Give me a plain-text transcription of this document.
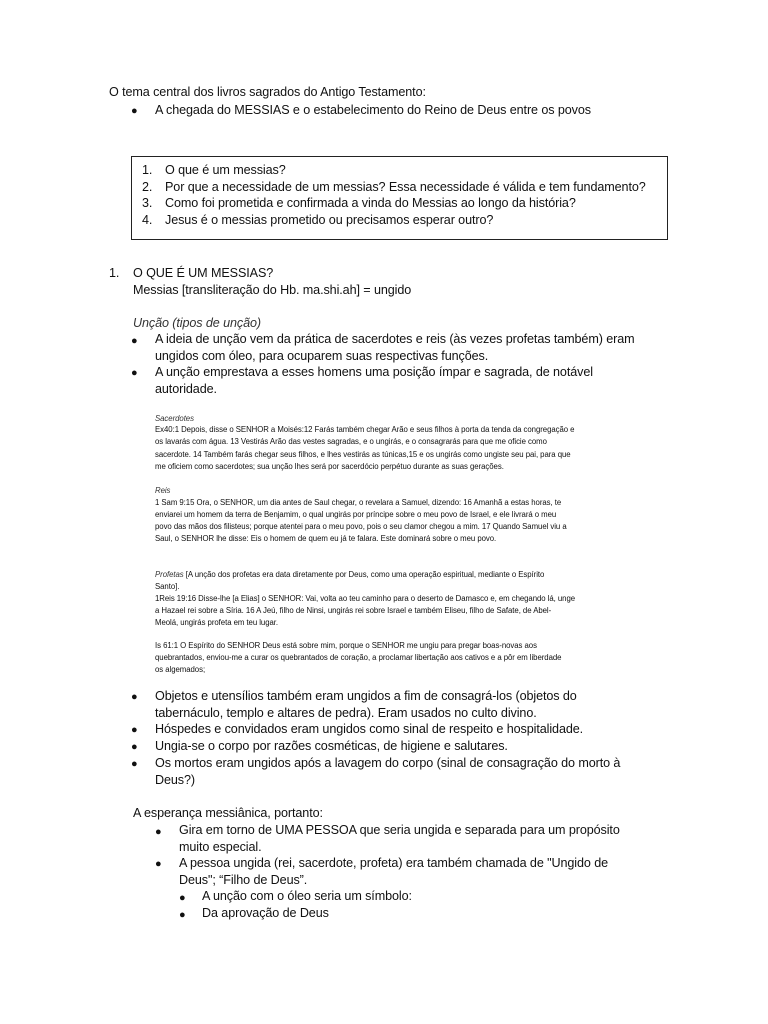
O tema central dos livros sagrados do Antigo Testamento:
● A chegada do MESSIAS e o estabelecimento do Reino de Deus entre os povos
1. O que é um messias?
2. Por que a necessidade de um messias? Essa necessidade é válida e tem fundamento?
3. Como foi prometida e confirmada a vinda do Messias ao longo da história?
4. Jesus é o messias prometido ou precisamos esperar outro?
1. O QUE É UM MESSIAS?
Messias [transliteração do Hb. ma.shi.ah] = ungido
Unção (tipos de unção)
● A ideia de unção vem da prática de sacerdotes e reis (às vezes profetas também) eram
ungidos com óleo, para ocuparem suas respectivas funções.
● A unção emprestava a esses homens uma posição ímpar e sagrada, de notável
autoridade.
Sacerdotes
Ex40:1 Depois, disse o SENHOR a Moisés:12 Farás também chegar Arão e seus filhos à porta da tenda da congregação e
os lavarás com água. 13 Vestirás Arão das vestes sagradas, e o ungirás, e o consagrarás para que me oficie como
sacerdote. 14 Também farás chegar seus filhos, e lhes vestirás as túnicas,15 e os ungirás como ungiste seu pai, para que
me oficiem como sacerdotes; sua unção lhes será por sacerdócio perpétuo durante as suas gerações.
Reis
1 Sam 9:15 Ora, o SENHOR, um dia antes de Saul chegar, o revelara a Samuel, dizendo: 16 Amanhã a estas horas, te
enviarei um homem da terra de Benjamim, o qual ungirás por príncipe sobre o meu povo de Israel, e ele livrará o meu
povo das mãos dos filisteus; porque atentei para o meu povo, pois o seu clamor chegou a mim. 17 Quando Samuel viu a
Saul, o SENHOR lhe disse: Eis o homem de quem eu já te falara. Este dominará sobre o meu povo.
Profetas [A unção dos profetas era data diretamente por Deus, como uma operação espiritual, mediante o Espírito
Santo].
1Reis 19:16 Disse-lhe [a Elias] o SENHOR: Vai, volta ao teu caminho para o deserto de Damasco e, em chegando lá, unge
a Hazael rei sobre a Síria. 16 A Jeú, filho de Ninsi, ungirás rei sobre Israel e também Eliseu, filho de Safate, de Abel-
Meolá, ungirás profeta em teu lugar.
Is 61:1 O Espírito do SENHOR Deus está sobre mim, porque o SENHOR me ungiu para pregar boas-novas aos
quebrantados, enviou-me a curar os quebrantados de coração, a proclamar libertação aos cativos e a pôr em liberdade
os algemados;
● Objetos e utensílios também eram ungidos a fim de consagrá-los (objetos do
tabernáculo, templo e altares de pedra). Eram usados no culto divino.
● Hóspedes e convidados eram ungidos como sinal de respeito e hospitalidade.
● Ungia-se o corpo por razões cosméticas, de higiene e salutares.
● Os mortos eram ungidos após a lavagem do corpo (sinal de consagração do morto à
Deus?)
A esperança messiânica, portanto:
● Gira em torno de UMA PESSOA que seria ungida e separada para um propósito
muito especial.
● A pessoa ungida (rei, sacerdote, profeta) era também chamada de "Ungido de
Deus"; “Filho de Deus”.
● A unção com o óleo seria um símbolo:
● Da aprovação de Deus
